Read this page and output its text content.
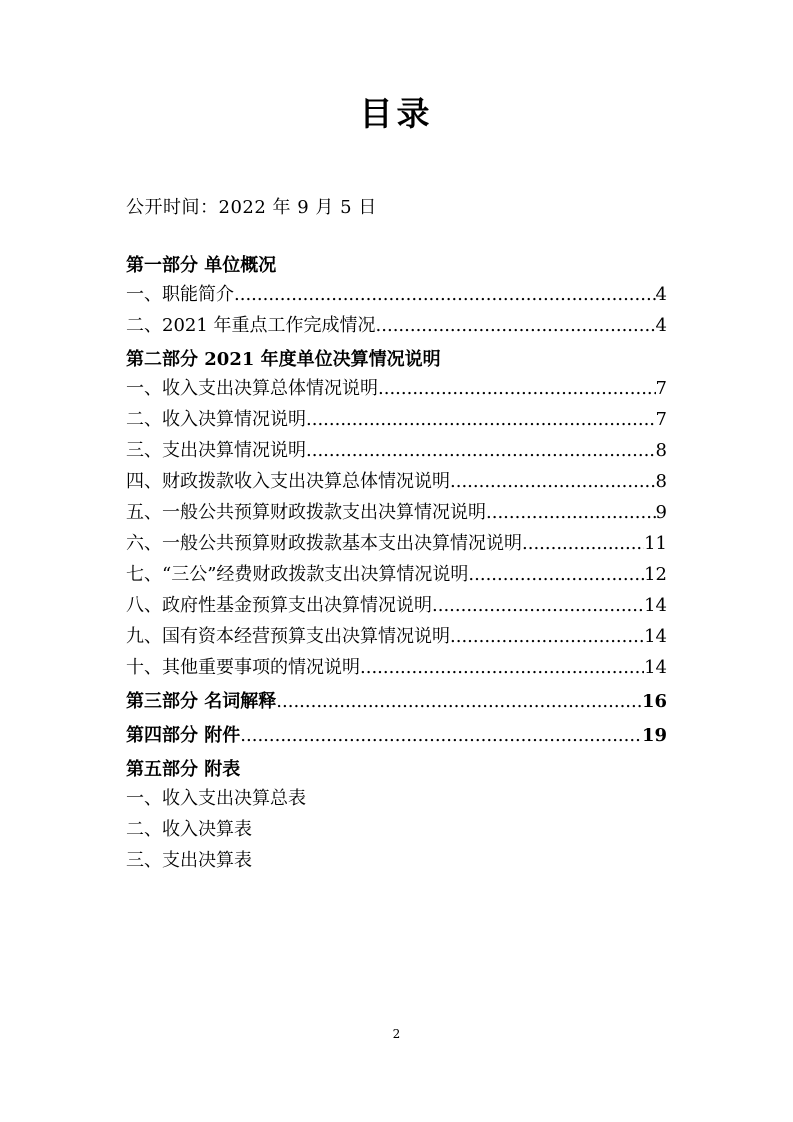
目录
公开时间：2022 年 9 月 5 日
第一部分 单位概况
一、职能简介 .....	4
二、2021 年重点工作完成情况 .....	4
第二部分 2021 年度单位决算情况说明
一、收入支出决算总体情况说明 .....	7
二、收入决算情况说明 .....	7
三、支出决算情况说明 .....	8
四、财政拨款收入支出决算总体情况说明 .....	8
五、一般公共预算财政拨款支出决算情况说明 .....	9
六、一般公共预算财政拨款基本支出决算情况说明 .....	11
七、“三公”经费财政拨款支出决算情况说明 .....	12
八、政府性基金预算支出决算情况说明 .....	14
九、国有资本经营预算支出决算情况说明 .....	14
十、其他重要事项的情况说明 .....	14
第三部分 名词解释 .....	16
第四部分 附件 .....	19
第五部分 附表
一、收入支出决算总表
二、收入决算表
三、支出决算表
2
